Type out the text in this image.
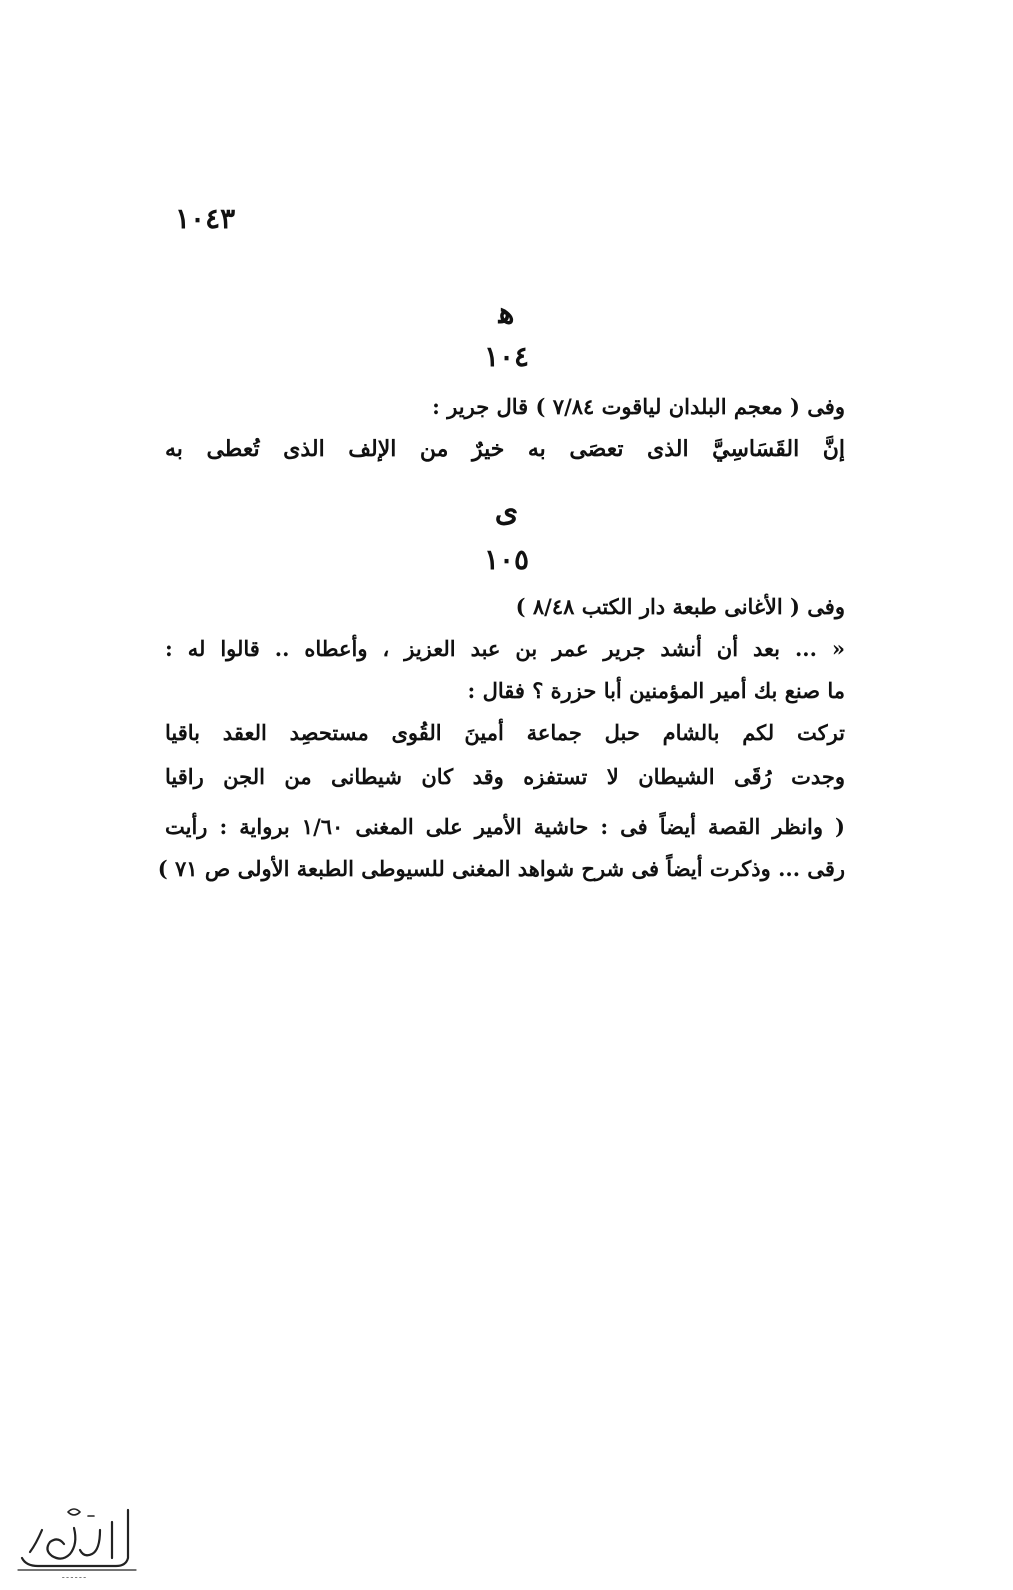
١٠٤٣
ﻫ
١٠٤
وفى ( معجم البلدان لياقوت ٧/٨٤ ) قال جرير :
إنَّ القَسَاسِيَّ الذى تعصَى به خيرٌ من الإلف الذى تُعطى به
ى
١٠٥
وفى ( الأغانى طبعة دار الكتب ٨/٤٨ )
« ... بعد أن أنشد جرير عمر بن عبد العزيز ، وأعطاه .. قالوا له :
ما صنع بك أمير المؤمنين أبا حزرة ؟ فقال :
تركت لكم بالشام حبل جماعة أمينَ القُوى مستحصِد العقد باقيا
وجدت رُقَى الشيطان لا تستفزه وقد كان شيطانى من الجن راقيا
( وانظر القصة أيضاً فى : حاشية الأمير على المغنى ١/٦٠ برواية : رأيت
رقى ... وذكرت أيضاً فى شرح شواهد المغنى للسيوطى الطبعة الأولى ص ٧١ )
ـ ـ ـ ـ ـ ـ
